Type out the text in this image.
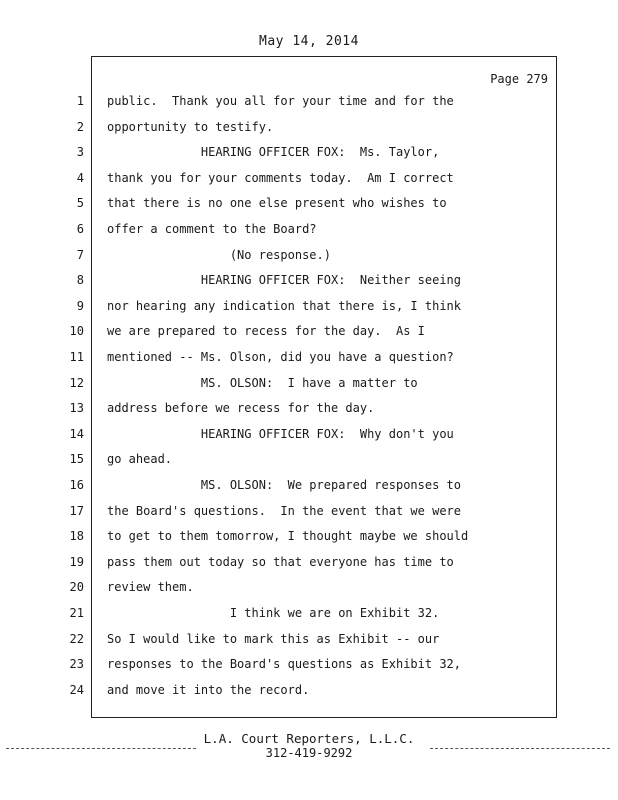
May 14, 2014
Page 279
1 public.  Thank you all for your time and for the
2 opportunity to testify.
3 HEARING OFFICER FOX:  Ms. Taylor,
4 thank you for your comments today.  Am I correct
5 that there is no one else present who wishes to
6 offer a comment to the Board?
7 (No response.)
8 HEARING OFFICER FOX:  Neither seeing
9 nor hearing any indication that there is, I think
10 we are prepared to recess for the day.  As I
11 mentioned -- Ms. Olson, did you have a question?
12 MS. OLSON:  I have a matter to
13 address before we recess for the day.
14 HEARING OFFICER FOX:  Why don't you
15 go ahead.
16 MS. OLSON:  We prepared responses to
17 the Board's questions.  In the event that we were
18 to get to them tomorrow, I thought maybe we should
19 pass them out today so that everyone has time to
20 review them.
21 I think we are on Exhibit 32.
22 So I would like to mark this as Exhibit -- our
23 responses to the Board's questions as Exhibit 32,
24 and move it into the record.
L.A. Court Reporters, L.L.C.
312-419-9292
